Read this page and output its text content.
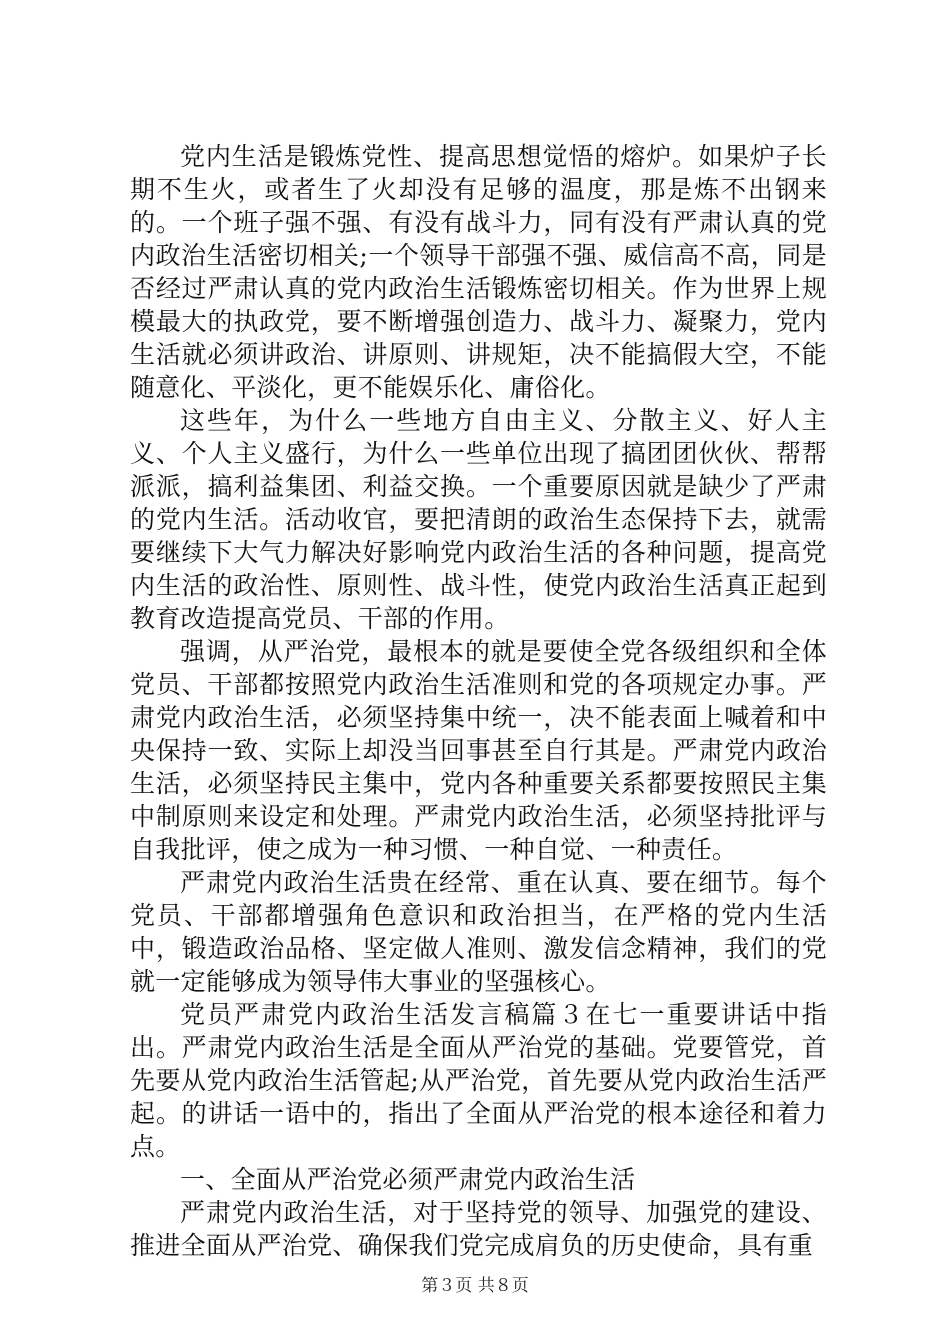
党内生活是锻炼党性、提高思想觉悟的熔炉。如果炉子长期不生火，或者生了火却没有足够的温度，那是炼不出钢来的。一个班子强不强、有没有战斗力，同有没有严肃认真的党内政治生活密切相关;一个领导干部强不强、威信高不高，同是否经过严肃认真的党内政治生活锻炼密切相关。作为世界上规模最大的执政党，要不断增强创造力、战斗力、凝聚力，党内生活就必须讲政治、讲原则、讲规矩，决不能搞假大空，不能随意化、平淡化，更不能娱乐化、庸俗化。

这些年，为什么一些地方自由主义、分散主义、好人主义、个人主义盛行，为什么一些单位出现了搞团团伙伙、帮帮派派，搞利益集团、利益交换。一个重要原因就是缺少了严肃的党内生活。活动收官，要把清朗的政治生态保持下去，就需要继续下大气力解决好影响党内政治生活的各种问题，提高党内生活的政治性、原则性、战斗性，使党内政治生活真正起到教育改造提高党员、干部的作用。

强调，从严治党，最根本的就是要使全党各级组织和全体党员、干部都按照党内政治生活准则和党的各项规定办事。严肃党内政治生活，必须坚持集中统一，决不能表面上喊着和中央保持一致、实际上却没当回事甚至自行其是。严肃党内政治生活，必须坚持民主集中，党内各种重要关系都要按照民主集中制原则来设定和处理。严肃党内政治生活，必须坚持批评与自我批评，使之成为一种习惯、一种自觉、一种责任。

严肃党内政治生活贵在经常、重在认真、要在细节。每个党员、干部都增强角色意识和政治担当，在严格的党内生活中，锻造政治品格、坚定做人准则、激发信念精神，我们的党就一定能够成为领导伟大事业的坚强核心。

党员严肃党内政治生活发言稿篇３在七一重要讲话中指出。严肃党内政治生活是全面从严治党的基础。党要管党，首先要从党内政治生活管起;从严治党，首先要从党内政治生活严起。的讲话一语中的，指出了全面从严治党的根本途径和着力点。

一、全面从严治党必须严肃党内政治生活

严肃党内政治生活，对于坚持党的领导、加强党的建设、推进全面从严治党、确保我们党完成肩负的历史使命，具有重

第３页 共８页
